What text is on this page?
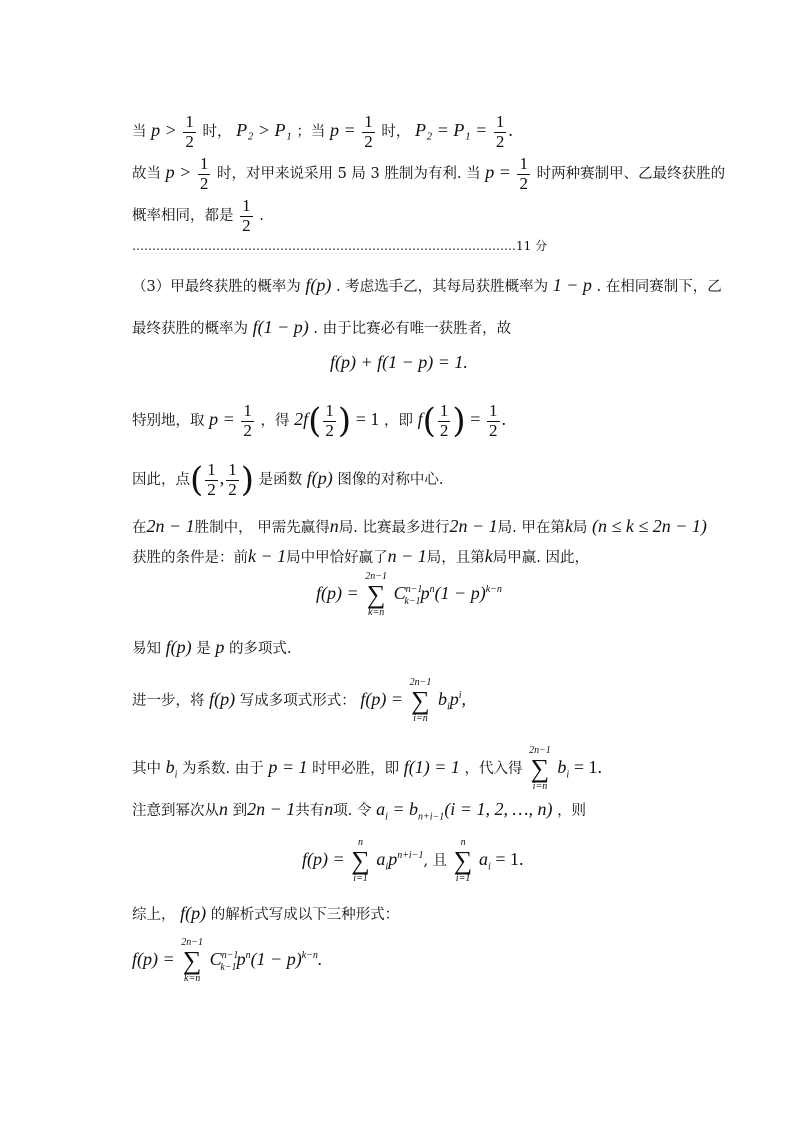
当 $p > \frac{1}{2}$ 时， P₂ > P₁ ；当 $p = \frac{1}{2}$ 时， $P_2 = P_1 = \frac{1}{2}$ .
故当 $p > \frac{1}{2}$ 时，对甲来说采用 5 局 3 胜制为有利. 当 $p = \frac{1}{2}$ 时两种赛制甲、乙最终获胜的
概率相同，都是 $\frac{1}{2}$ .
……………………………………………………………………………………11 分
（3）甲最终获胜的概率为 f(p) . 考虑选手乙，其每局获胜概率为 1 − p . 在相同赛制下，乙
最终获胜的概率为 f(1 − p) . 由于比赛必有唯一获胜者，故
f(p) + f(1 − p) = 1.
特别地，取 $p = \frac{1}{2}$ ，得 $2f( \frac{1}{2}$ ) = 1 ，即 $f( \frac{1}{2}$ ) = $\frac{1}{2}$ .
因此，点( $\frac{1}{2}$ , $\frac{1}{2}$ ) 是函数 f(p) 图像的对称中心.
在2n − 1胜制中， 甲需先赢得n局. 比赛最多进行2n − 1局. 甲在第k局 (n ≤ k ≤ 2n − 1)
获胜的条件是：前k − 1局中甲恰好赢了n − 1局，且第k局甲赢. 因此，
f(p) =
2n−1
∑
k=n
$C^{n-1}_{k-1}p^n(1 - p)^{k-n}$
易知 f(p) 是 p 的多项式.
进一步，将 f(p) 写成多项式形式： f(p) =
2n−1
∑
i=n
$b_ip^i$,
其中 $b_i$ 为系数. 由于 p = 1 时甲必胜，即 f(1) = 1 ，代入得
2n−1
∑
i=n
$b_i = 1$.
注意到幂次从n 到2n − 1共有n项. 令 $a_i = b_{n+i-1}(i = 1$, 2, …, n) ，则
f(p) =
n
∑
i=1
$a_ip^{n+i-1}$, 且
n
∑
i=1
$a_i = 1$.
综上， f(p) 的解析式写成以下三种形式：
f(p) =
2n−1
∑
k=n
$C^{n-1}_{k-1}p^n(1 - p)^{k-n}$.
